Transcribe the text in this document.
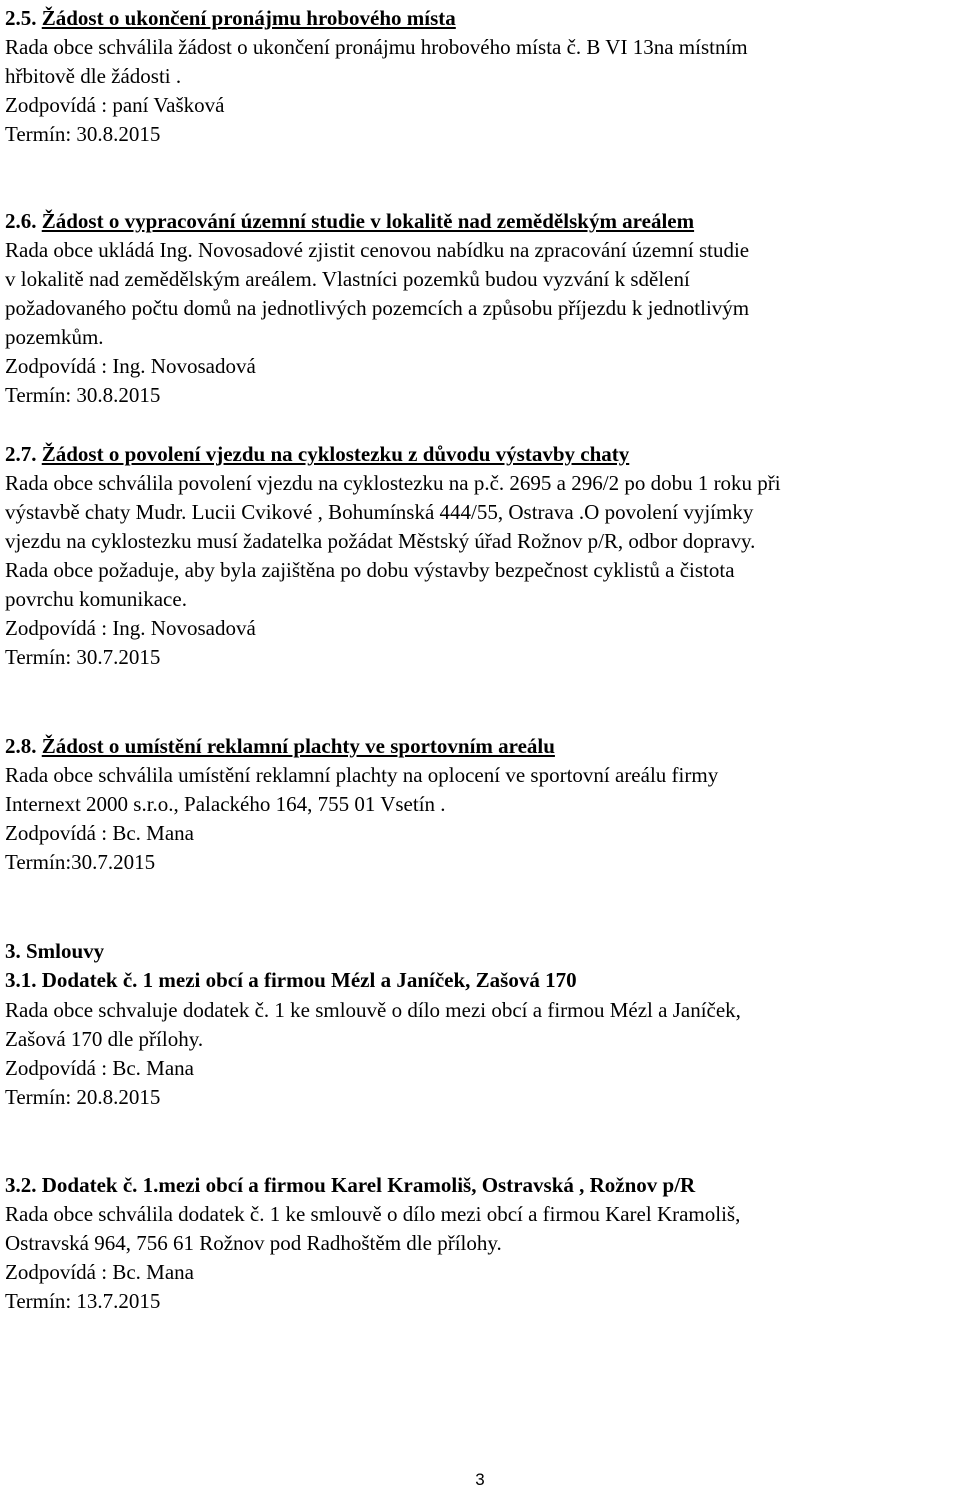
2.5. Žádost o ukončení pronájmu hrobového místa
Rada obce schválila žádost o ukončení pronájmu hrobového místa č. B VI 13na místním
hřbitově dle žádosti .
Zodpovídá : paní Vašková
Termín: 30.8.2015
2.6. Žádost o vypracování územní studie v lokalitě nad zemědělským areálem
Rada obce ukládá Ing. Novosadové zjistit cenovou nabídku na zpracování územní studie
v lokalitě nad zemědělským areálem. Vlastníci pozemků budou vyzvání k sdělení
požadovaného počtu domů na jednotlivých pozemcích a způsobu příjezdu k jednotlivým
pozemkům.
Zodpovídá : Ing. Novosadová
Termín: 30.8.2015
2.7. Žádost o povolení vjezdu na cyklostezku z důvodu výstavby chaty
Rada obce schválila povolení vjezdu na cyklostezku na p.č. 2695 a 296/2 po dobu 1 roku při
výstavbě chaty Mudr. Lucii Cvikové , Bohumínská 444/55, Ostrava .O povolení vyjímky
vjezdu na cyklostezku musí žadatelka požádat Městský úřad Rožnov p/R, odbor dopravy.
Rada obce požaduje, aby byla zajištěna po dobu výstavby bezpečnost cyklistů a čistota
povrchu komunikace.
Zodpovídá : Ing. Novosadová
Termín: 30.7.2015
2.8. Žádost o umístění reklamní plachty ve sportovním areálu
Rada obce schválila umístění reklamní plachty na oplocení ve sportovní areálu firmy
Internext 2000 s.r.o., Palackého 164, 755 01 Vsetín .
Zodpovídá : Bc. Mana
Termín:30.7.2015
3. Smlouvy
3.1. Dodatek č. 1 mezi obcí a firmou Mézl a Janíček, Zašová 170
Rada obce schvaluje dodatek č. 1 ke smlouvě o dílo mezi obcí a firmou Mézl a Janíček,
Zašová 170 dle přílohy.
Zodpovídá : Bc. Mana
Termín: 20.8.2015
3.2. Dodatek č. 1.mezi obcí a firmou Karel Kramoliš, Ostravská , Rožnov p/R
Rada obce schválila dodatek č. 1 ke smlouvě o dílo mezi obcí a firmou Karel Kramoliš,
Ostravská 964, 756 61 Rožnov pod Radhoštěm dle přílohy.
Zodpovídá : Bc. Mana
Termín: 13.7.2015
3
